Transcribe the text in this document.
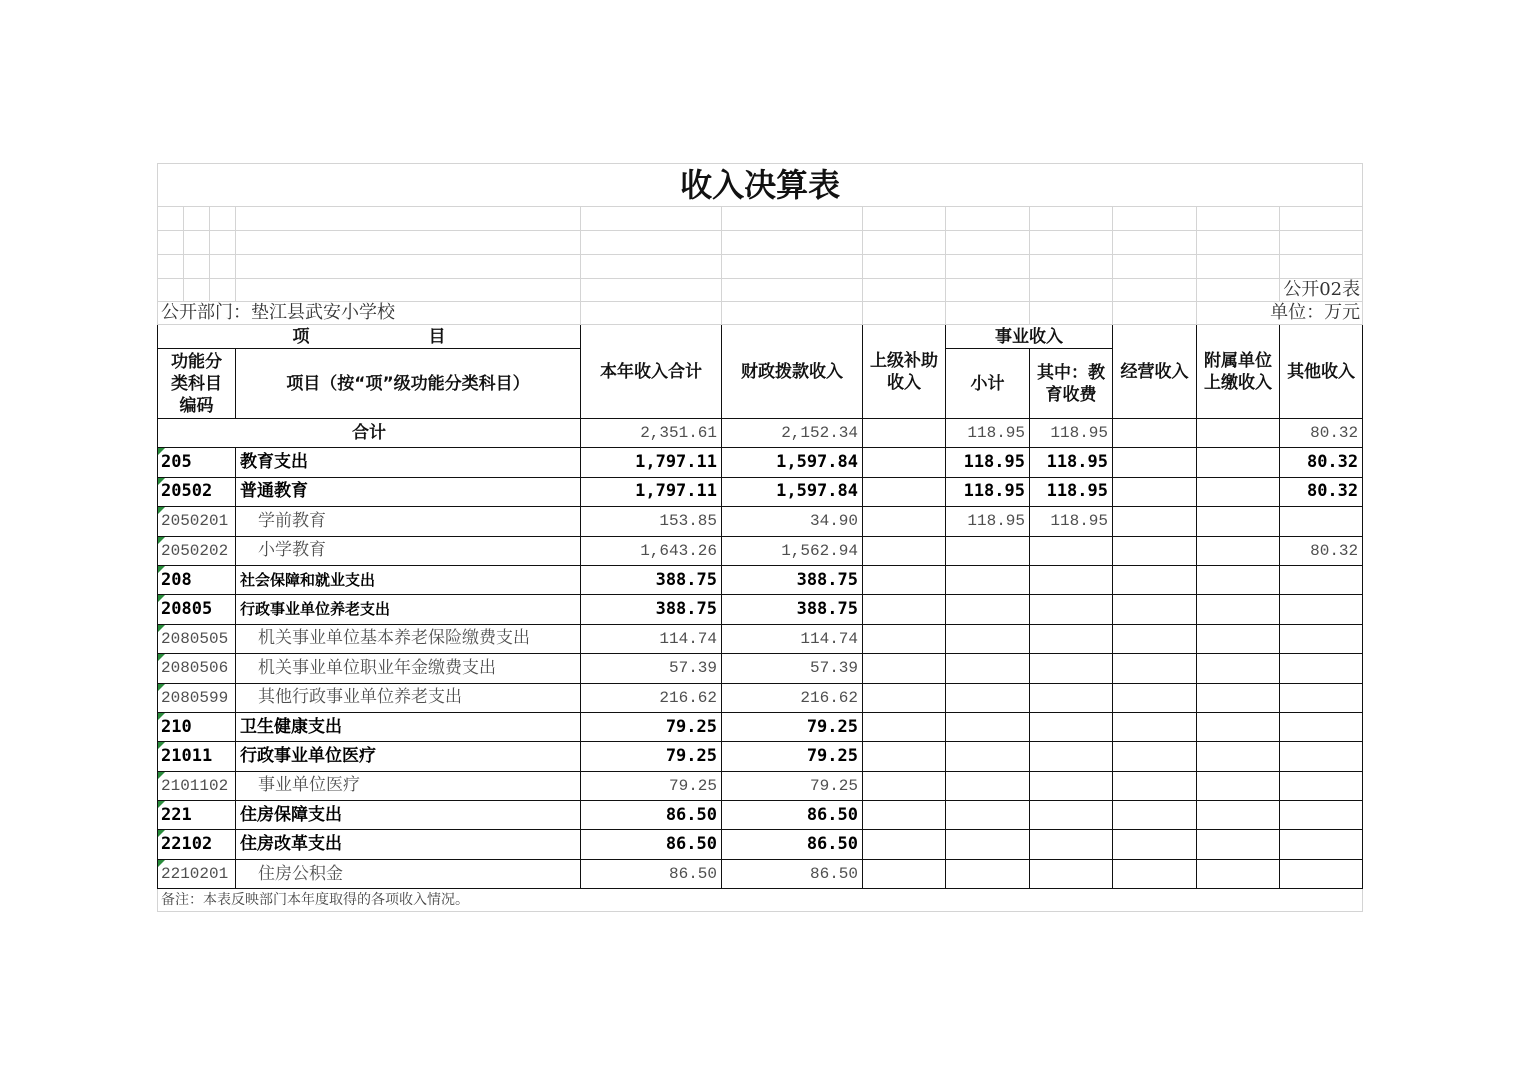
收入决算表											

											公开02表
公开部门：垫江县武安小学校										单位：万元	
项　　　　　　　目				本年收入合计	财政拨款收入	上级补助收入	事业收入		经营收入	附属单位上缴收入	其他收入
功能分类科目编码			项目（按“项”级功能分类科目）				小计	其中：教育收费			
合计				2,351.61	2,152.34		118.95	118.95			80.32

205			教育支出	1,797.11	1,597.84		118.95	118.95			80.32

20502			普通教育	1,797.11	1,597.84		118.95	118.95			80.32

2050201			学前教育	153.85	34.90		118.95	118.95			

2050202			小学教育	1,643.26	1,562.94						80.32

208			社会保障和就业支出	388.75	388.75						

20805			行政事业单位养老支出	388.75	388.75						

2080505			机关事业单位基本养老保险缴费支出	114.74	114.74						

2080506			机关事业单位职业年金缴费支出	57.39	57.39						

2080599			其他行政事业单位养老支出	216.62	216.62						

210			卫生健康支出	79.25	79.25						

21011			行政事业单位医疗	79.25	79.25						

2101102			事业单位医疗	79.25	79.25						

221			住房保障支出	86.50	86.50						

22102			住房改革支出	86.50	86.50						

2210201			住房公积金	86.50	86.50						
备注：本表反映部门本年度取得的各项收入情况。											
